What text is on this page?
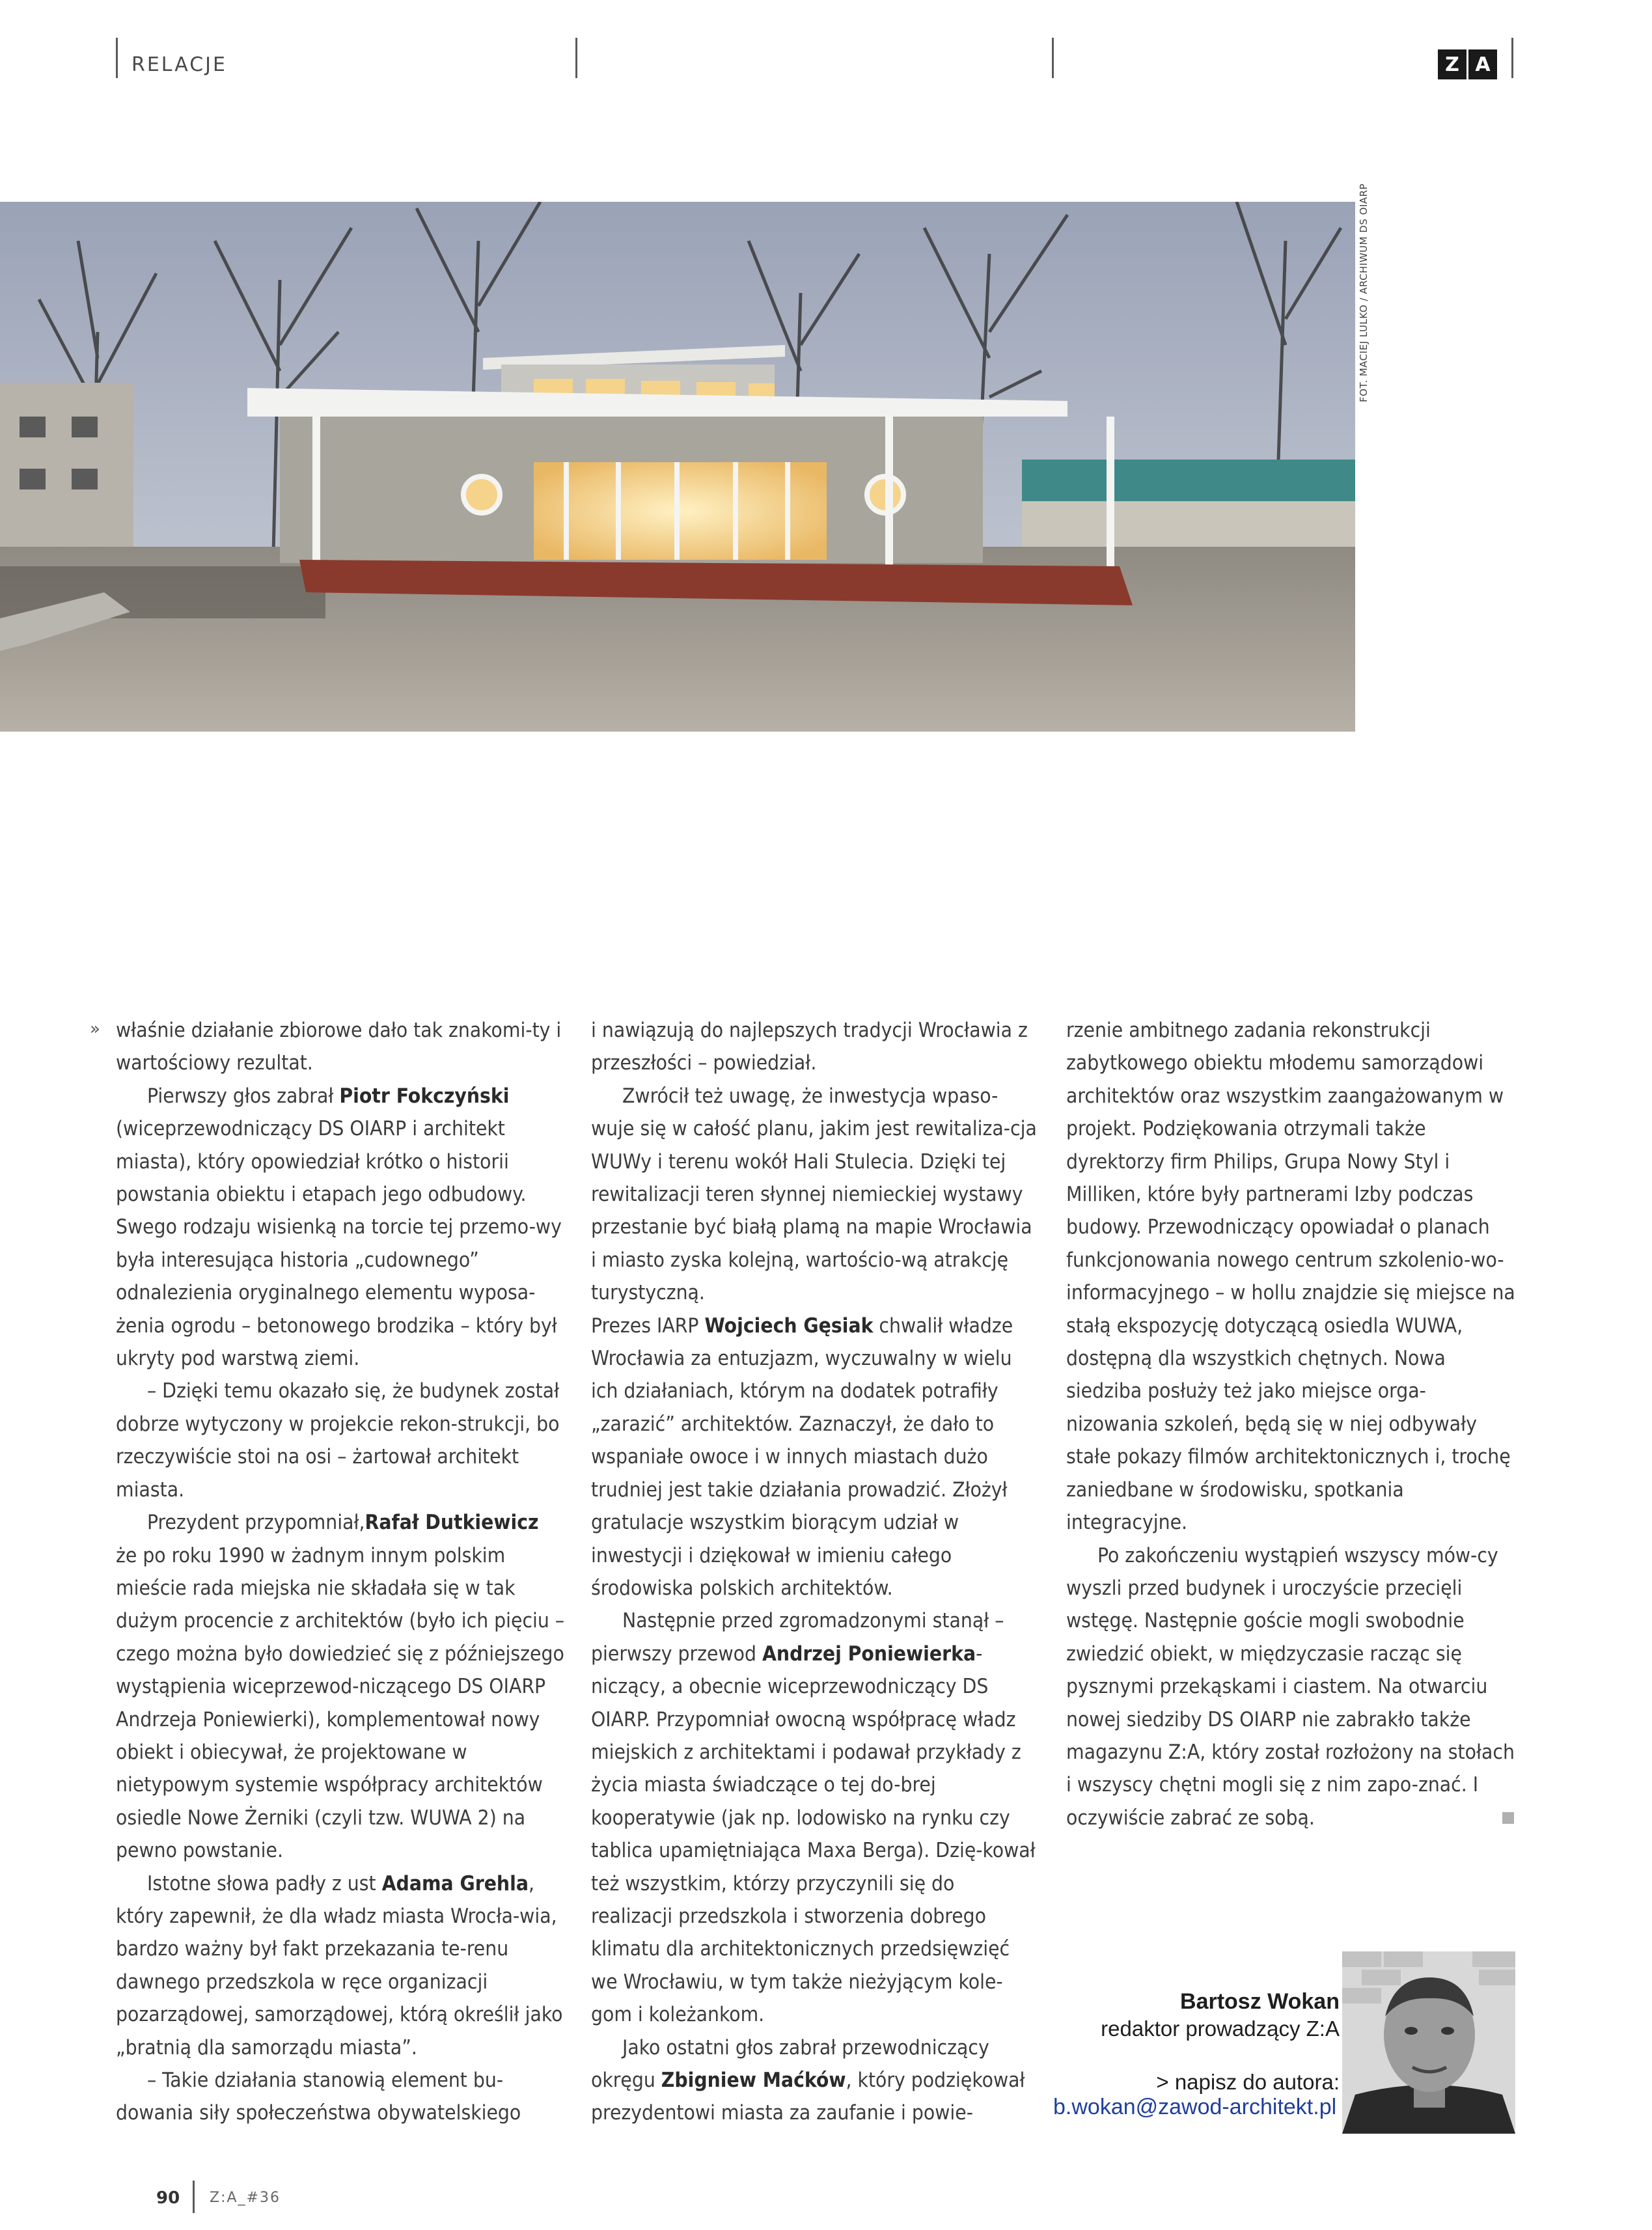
RELACJE	Z A
FOT. MACIEJ LULKO / ARCHIWUM DS OIARP
» właśnie działanie zbiorowe dało tak znakomi-ty i wartościowy rezultat.

Pierwszy głos zabrał Piotr Fokczyński (wiceprzewodniczący DS OIARP i architekt miasta), który opowiedział krótko o historii powstania obiektu i etapach jego odbudowy. Swego rodzaju wisienką na torcie tej przemo-wy była interesująca historia „cudownego” odnalezienia oryginalnego elementu wyposa-żenia ogrodu – betonowego brodzika – który był ukryty pod warstwą ziemi.

– Dzięki temu okazało się, że budynek został dobrze wytyczony w projekcie rekon-strukcji, bo rzeczywiście stoi na osi – żartował architekt miasta.

Prezydent przypomniał,Rafał Dutkiewicz że po roku 1990 w żadnym innym polskim mieście rada miejska nie składała się w tak dużym procencie z architektów (było ich pięciu – czego można było dowiedzieć się z późniejszego wystąpienia wiceprzewod-niczącego DS OIARP Andrzeja Poniewierki), komplementował nowy obiekt i obiecywał, że projektowane w nietypowym systemie współpracy architektów osiedle Nowe Żerniki (czyli tzw. WUWA 2) na pewno powstanie.

Istotne słowa padły z ust Adama Grehla, który zapewnił, że dla władz miasta Wrocła-wia, bardzo ważny był fakt przekazania te-renu dawnego przedszkola w ręce organizacji pozarządowej, samorządowej, którą określił jako „bratnią dla samorządu miasta”.

– Takie działania stanowią element bu-dowania siły społeczeństwa obywatelskiego

i nawiązują do najlepszych tradycji Wrocławia z przeszłości – powiedział.

Zwrócił też uwagę, że inwestycja wpaso-wuje się w całość planu, jakim jest rewitaliza-cja WUWy i terenu wokół Hali Stulecia. Dzięki tej rewitalizacji teren słynnej niemieckiej wystawy przestanie być białą plamą na mapie Wrocławia i miasto zyska kolejną, wartościo-wą atrakcję turystyczną.

Prezes IARP Wojciech Gęsiak chwalił władze Wrocławia za entuzjazm, wyczuwalny w wielu ich działaniach, którym na dodatek potrafiły „zarazić” architektów. Zaznaczył, że dało to wspaniałe owoce i w innych miastach dużo trudniej jest takie działania prowadzić. Złożył gratulacje wszystkim biorącym udział w inwestycji i dziękował w imieniu całego środowiska polskich architektów.

Następnie przed zgromadzonymi stanął – pierwszy przewod Andrzej Poniewierka-niczący, a obecnie wiceprzewodniczący DS OIARP. Przypomniał owocną współpracę władz miejskich z architektami i podawał przykłady z życia miasta świadczące o tej do-brej kooperatywie (jak np. lodowisko na rynku czy tablica upamiętniająca Maxa Berga). Dzię-kował też wszystkim, którzy przyczynili się do realizacji przedszkola i stworzenia dobrego klimatu dla architektonicznych przedsięwzięć we Wrocławiu, w tym także nieżyjącym kole-gom i koleżankom.

Jako ostatni głos zabrał przewodniczący okręgu Zbigniew Maćków, który podziękował prezydentowi miasta za zaufanie i powie-

rzenie ambitnego zadania rekonstrukcji zabytkowego obiektu młodemu samorządowi architektów oraz wszystkim zaangażowanym w projekt. Podziękowania otrzymali także dyrektorzy firm Philips, Grupa Nowy Styl i Milliken, które były partnerami Izby podczas budowy. Przewodniczący opowiadał o planach funkcjonowania nowego centrum szkolenio-wo-informacyjnego – w hollu znajdzie się miejsce na stałą ekspozycję dotyczącą osiedla WUWA, dostępną dla wszystkich chętnych. Nowa siedziba posłuży też jako miejsce orga-nizowania szkoleń, będą się w niej odbywały stałe pokazy filmów architektonicznych i, trochę zaniedbane w środowisku, spotkania integracyjne.

Po zakończeniu wystąpień wszyscy mów-cy wyszli przed budynek i uroczyście przecięli wstęgę. Następnie goście mogli swobodnie zwiedzić obiekt, w międzyczasie racząc się pysznymi przekąskami i ciastem. Na otwarciu nowej siedziby DS OIARP nie zabrakło także magazynu Z:A, który został rozłożony na stołach i wszyscy chętni mogli się z nim zapo-znać. I oczywiście zabrać ze sobą.

Bartosz Wokan
redaktor prowadzący Z:A
> napisz do autora:
b.wokan@zawod-architekt.pl
90 Z:A_#36
